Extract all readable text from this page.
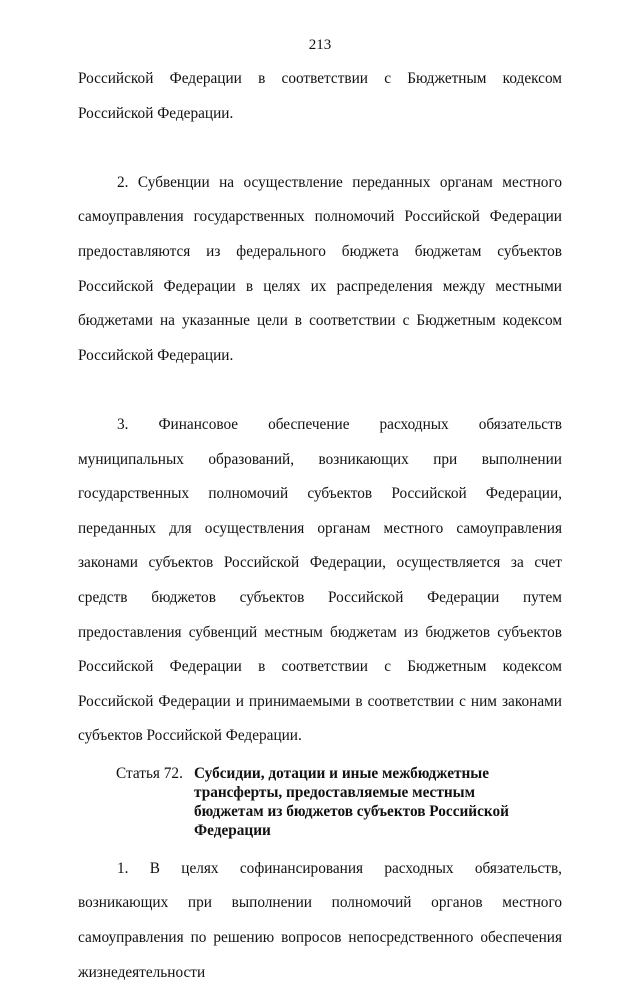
213

Российской Федерации в соответствии с Бюджетным кодексом Российской Федерации.

2. Субвенции на осуществление переданных органам местного самоуправления государственных полномочий Российской Федерации предоставляются из федерального бюджета бюджетам субъектов Российской Федерации в целях их распределения между местными бюджетами на указанные цели в соответствии с Бюджетным кодексом Российской Федерации.

3. Финансовое обеспечение расходных обязательств муниципальных образований, возникающих при выполнении государственных полномочий субъектов Российской Федерации, переданных для осуществления органам местного самоуправления законами субъектов Российской Федерации, осуществляется за счет средств бюджетов субъектов Российской Федерации путем предоставления субвенций местным бюджетам из бюджетов субъектов Российской Федерации в соответствии с Бюджетным кодексом Российской Федерации и принимаемыми в соответствии с ним законами субъектов Российской Федерации.

Статья 72. Субсидии, дотации и иные межбюджетные трансферты, предоставляемые местным бюджетам из бюджетов субъектов Российской Федерации

1. В целях софинансирования расходных обязательств, возникающих при выполнении полномочий органов местного самоуправления по решению вопросов непосредственного обеспечения жизнедеятельности
